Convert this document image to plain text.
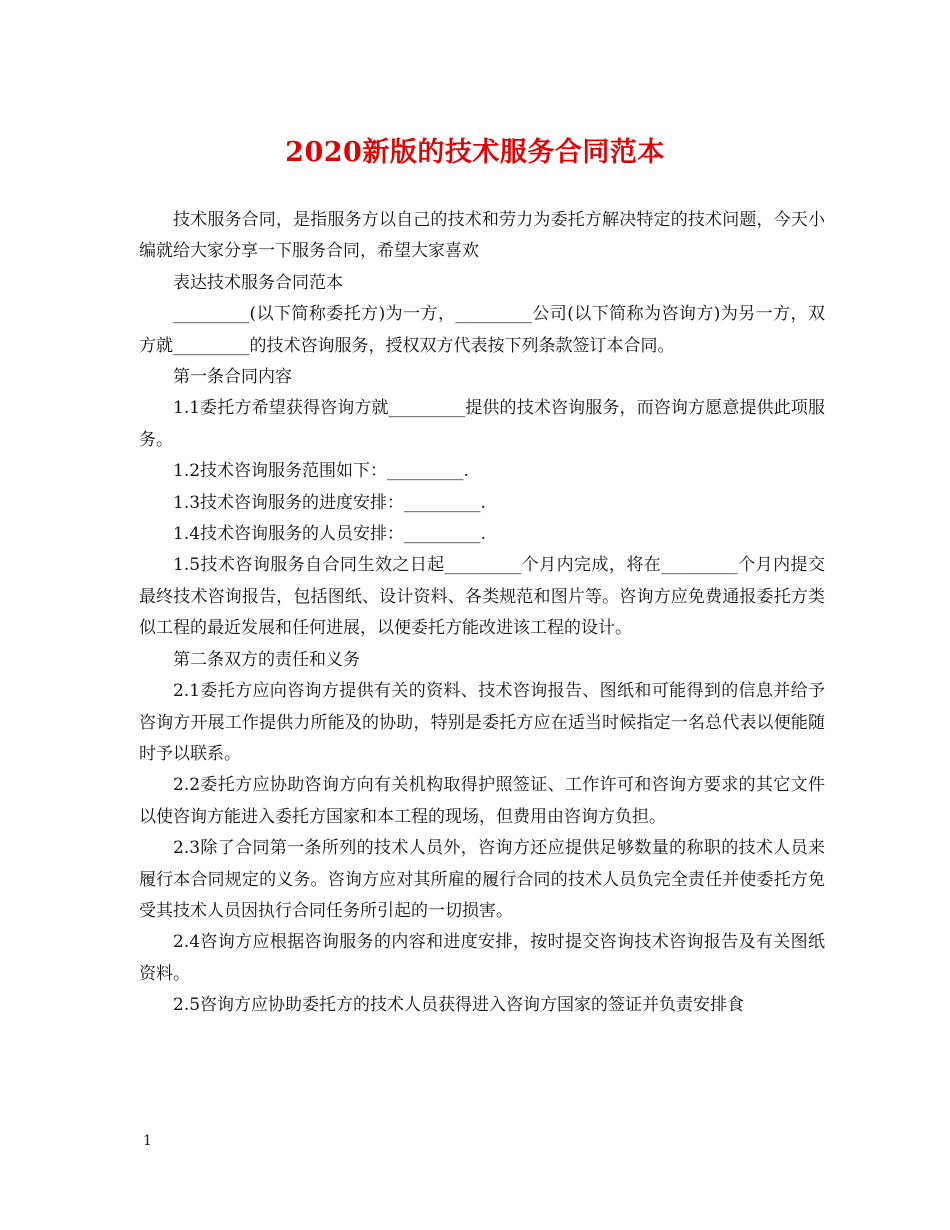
2020新版的技术服务合同范本

技术服务合同，是指服务方以自己的技术和劳力为委托方解决特定的技术问题，今天小编就给大家分享一下服务合同，希望大家喜欢

表达技术服务合同范本

_________(以下简称委托方)为一方，_________公司(以下简称为咨询方)为另一方，双方就_________的技术咨询服务，授权双方代表按下列条款签订本合同。

第一条合同内容

1.1委托方希望获得咨询方就_________提供的技术咨询服务，而咨询方愿意提供此项服务。

1.2技术咨询服务范围如下：_________.

1.3技术咨询服务的进度安排：_________.

1.4技术咨询服务的人员安排：_________.

1.5技术咨询服务自合同生效之日起_________个月内完成，将在_________个月内提交最终技术咨询报告，包括图纸、设计资料、各类规范和图片等。咨询方应免费通报委托方类似工程的最近发展和任何进展，以便委托方能改进该工程的设计。

第二条双方的责任和义务

2.1委托方应向咨询方提供有关的资料、技术咨询报告、图纸和可能得到的信息并给予咨询方开展工作提供力所能及的协助，特别是委托方应在适当时候指定一名总代表以便能随时予以联系。

2.2委托方应协助咨询方向有关机构取得护照签证、工作许可和咨询方要求的其它文件以使咨询方能进入委托方国家和本工程的现场，但费用由咨询方负担。

2.3除了合同第一条所列的技术人员外，咨询方还应提供足够数量的称职的技术人员来履行本合同规定的义务。咨询方应对其所雇的履行合同的技术人员负完全责任并使委托方免受其技术人员因执行合同任务所引起的一切损害。

2.4咨询方应根据咨询服务的内容和进度安排，按时提交咨询技术咨询报告及有关图纸资料。

2.5咨询方应协助委托方的技术人员获得进入咨询方国家的签证并负责安排食

1
